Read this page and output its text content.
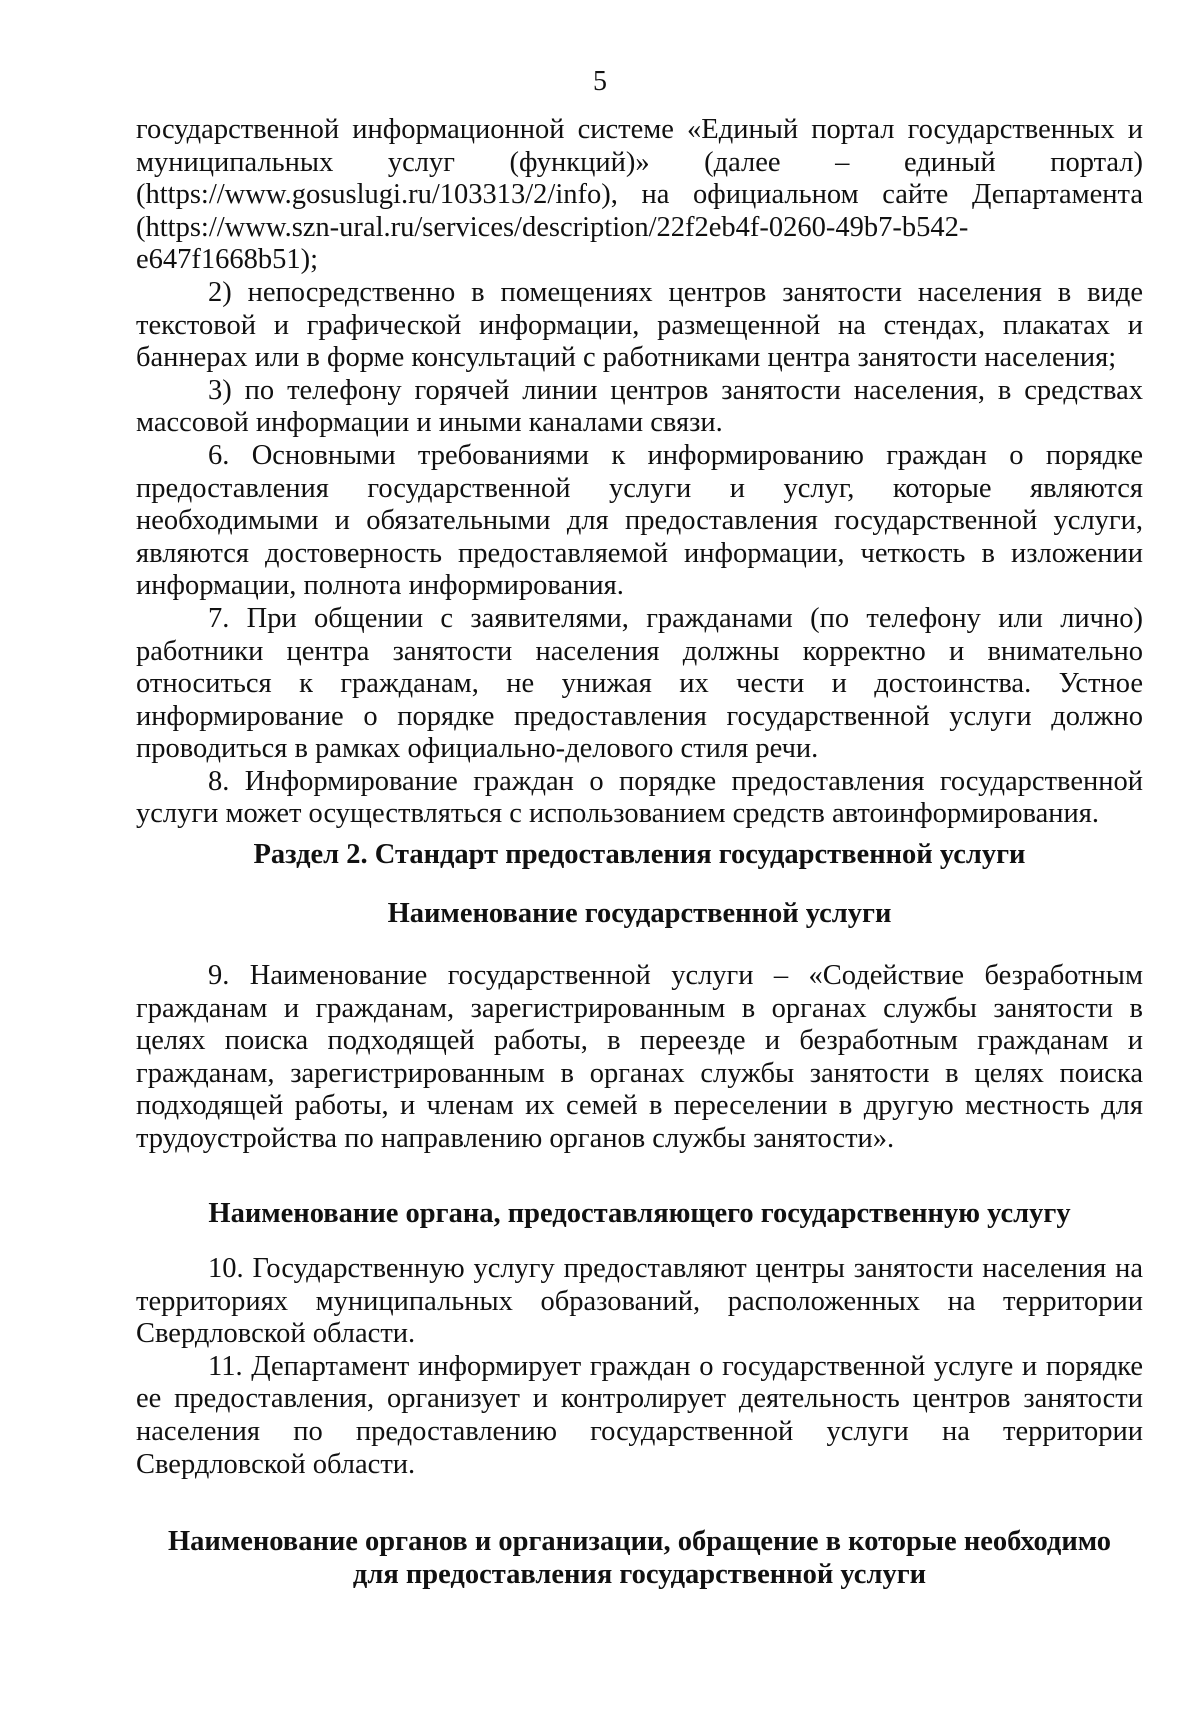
5

государственной информационной системе «Единый портал государственных и муниципальных услуг (функций)» (далее – единый портал) (https://www.gosuslugi.ru/103313/2/info), на официальном сайте Департамента (https://www.szn-ural.ru/services/description/22f2eb4f-0260-49b7-b542-e647f1668b51);

2) непосредственно в помещениях центров занятости населения в виде текстовой и графической информации, размещенной на стендах, плакатах и баннерах или в форме консультаций с работниками центра занятости населения;

3) по телефону горячей линии центров занятости населения, в средствах массовой информации и иными каналами связи.

6. Основными требованиями к информированию граждан о порядке предоставления государственной услуги и услуг, которые являются необходимыми и обязательными для предоставления государственной услуги, являются достоверность предоставляемой информации, четкость в изложении информации, полнота информирования.

7. При общении с заявителями, гражданами (по телефону или лично) работники центра занятости населения должны корректно и внимательно относиться к гражданам, не унижая их чести и достоинства. Устное информирование о порядке предоставления государственной услуги должно проводиться в рамках официально-делового стиля речи.

8. Информирование граждан о порядке предоставления государственной услуги может осуществляться с использованием средств автоинформирования.

Раздел 2. Стандарт предоставления государственной услуги
Наименование государственной услуги

9. Наименование государственной услуги – «Содействие безработным гражданам и гражданам, зарегистрированным в органах службы занятости в целях поиска подходящей работы, в переезде и безработным гражданам и гражданам, зарегистрированным в органах службы занятости в целях поиска подходящей работы, и членам их семей в переселении в другую местность для трудоустройства по направлению органов службы занятости».

Наименование органа, предоставляющего государственную услугу

10. Государственную услугу предоставляют центры занятости населения на территориях муниципальных образований, расположенных на территории Свердловской области.

11. Департамент информирует граждан о государственной услуге и порядке ее предоставления, организует и контролирует деятельность центров занятости населения по предоставлению государственной услуги на территории Свердловской области.

Наименование органов и организации, обращение в которые необходимо
для предоставления государственной услуги
